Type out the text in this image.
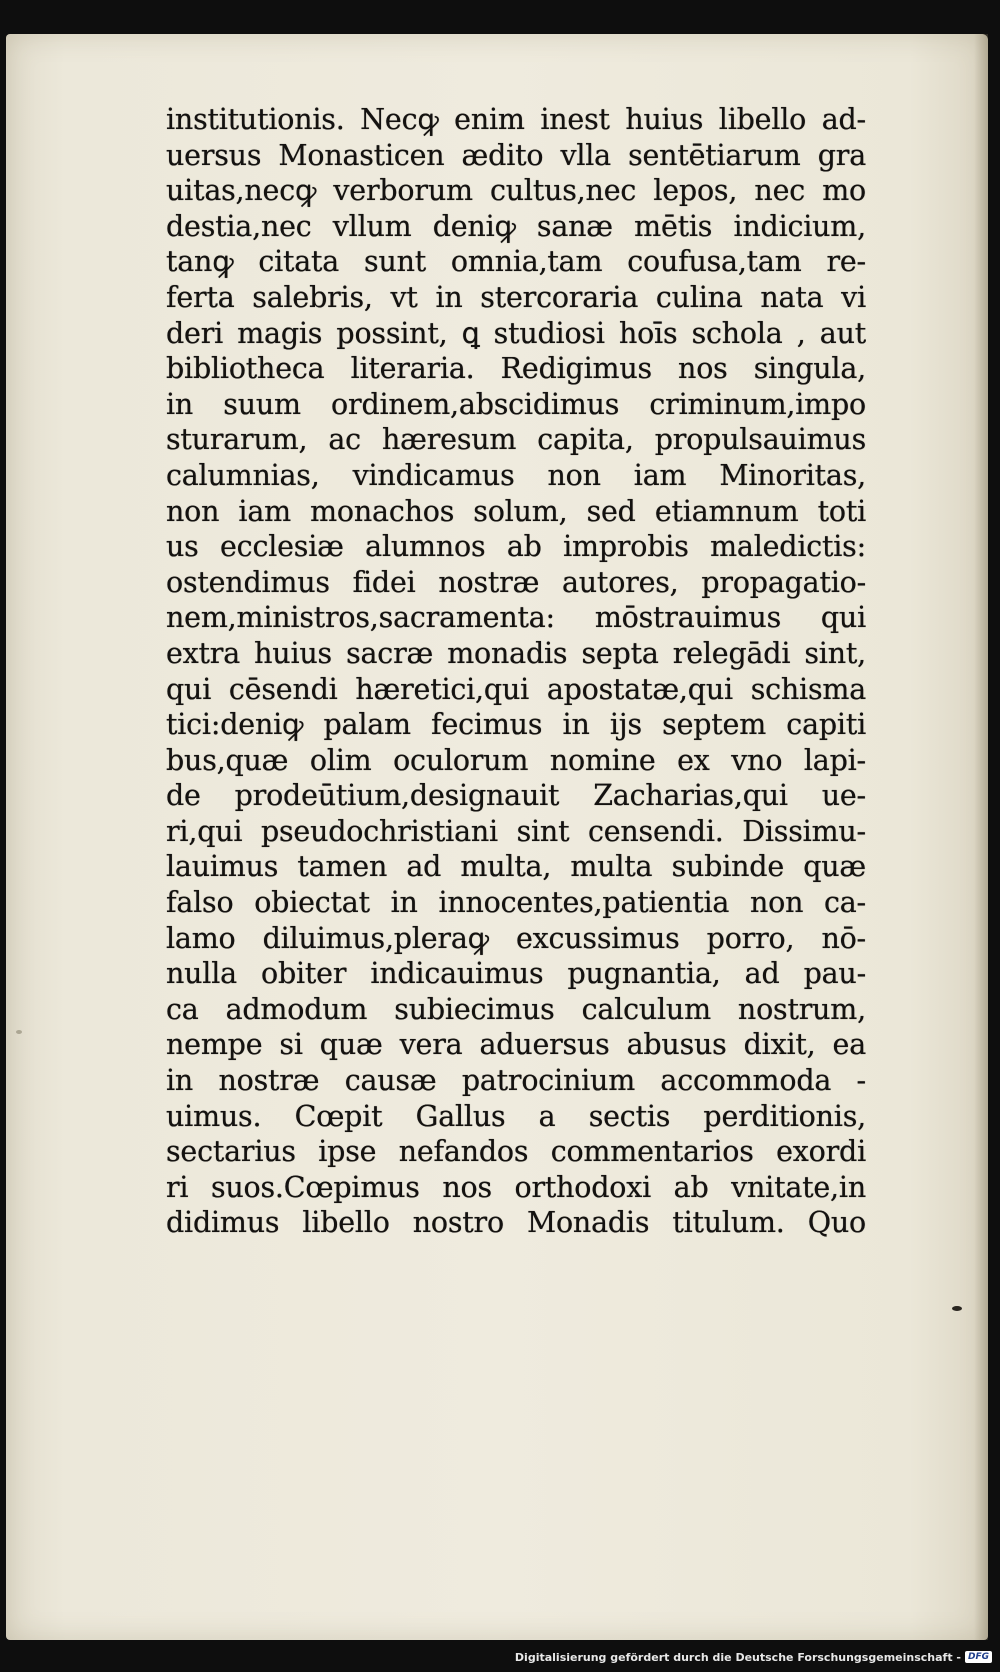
institutionis. Necꝙ enim inest huius libello ad-
uersus Monasticen ædito vlla sentētiarum gra
uitas,necꝙ verborum cultus,nec lepos, nec mo
destia,nec vllum deniꝙ sanæ mētis indicium,
tanꝙ citata sunt omnia,tam coufusa,tam re-
ferta salebris, vt in stercoraria culina nata vi
deri magis possint, ꝗ studiosi hoīs schola , aut
bibliotheca literaria. Redigimus nos singula,
in suum ordinem,abscidimus criminum,impo
sturarum, ac hæresum capita, propulsauimus
calumnias, vindicamus non iam Minoritas,
non iam monachos solum, sed etiamnum toti
us ecclesiæ alumnos ab improbis maledictis:
ostendimus fidei nostræ autores, propagatio-
nem,ministros,sacramenta: mōstrauimus qui
extra huius sacræ monadis septa relegādi sint,
qui cēsendi hæretici,qui apostatæ,qui schisma
tici:deniꝙ palam fecimus in ijs septem capiti
bus,quæ olim oculorum nomine ex vno lapi-
de prodeūtium,designauit Zacharias,qui ue-
ri,qui pseudochristiani sint censendi. Dissimu-
lauimus tamen ad multa, multa subinde quæ
falso obiectat in innocentes,patientia non ca-
lamo diluimus,pleraꝙ excussimus porro, nō-
nulla obiter indicauimus pugnantia, ad pau-
ca admodum subiecimus calculum nostrum,
nempe si quæ vera aduersus abusus dixit, ea
in nostræ causæ patrocinium accommoda -
uimus. Cœpit Gallus a sectis perditionis,
sectarius ipse nefandos commentarios exordi
ri suos.Cœpimus nos orthodoxi ab vnitate,in
didimus libello nostro Monadis titulum. Quo
Digitalisierung gefördert durch die Deutsche Forschungsgemeinschaft - DFG
